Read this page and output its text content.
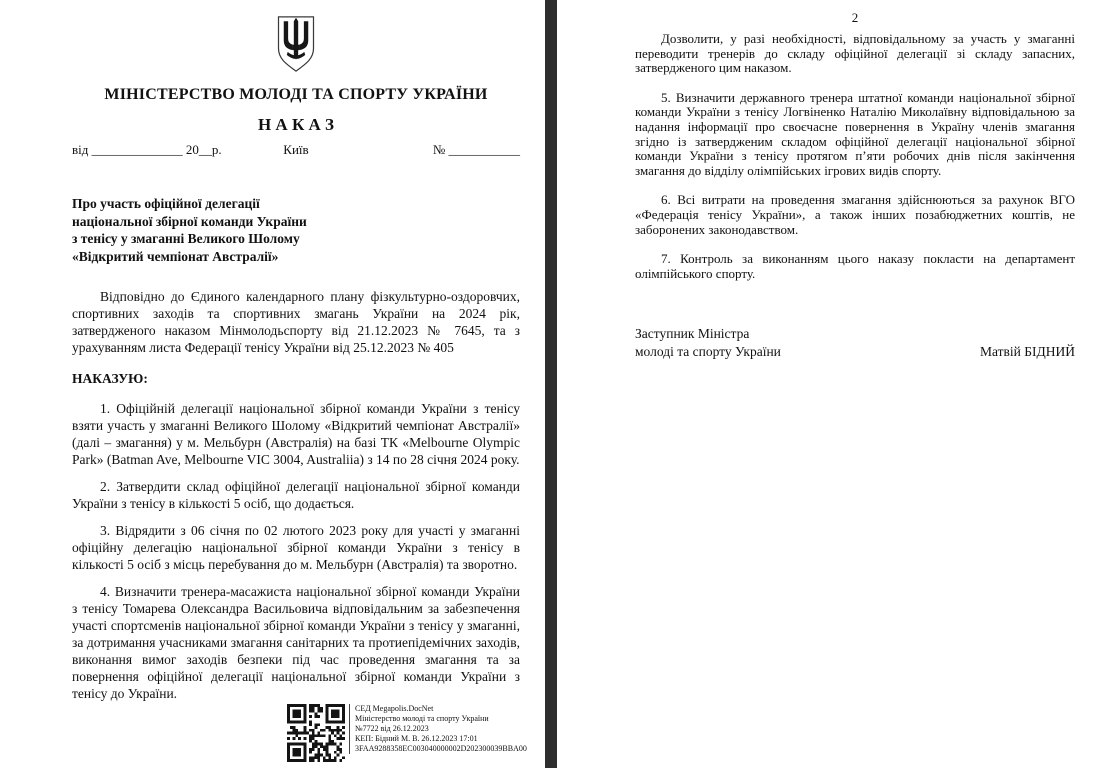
МІНІСТЕРСТВО МОЛОДІ ТА СПОРТУ УКРАЇНИ
Н А К А З
від ______________ 20__р.	Київ	№ ___________
Про участь офіційної делегації
національної збірної команди України
з тенісу у змаганні Великого Шолому
«Відкритий чемпіонат Австралії»

Відповідно до Єдиного календарного плану фізкультурно-оздоровчих, спортивних заходів та спортивних змагань України на 2024 рік, затвердженого наказом Мінмолодьспорту від 21.12.2023 № 7645, та з урахуванням листа Федерації тенісу України від 25.12.2023 № 405

НАКАЗУЮ:

1. Офіційній делегації національної збірної команди України з тенісу взяти участь у змаганні Великого Шолому «Відкритий чемпіонат Австралії» (далі – змагання) у м. Мельбурн (Австралія) на базі ТК «Melbourne Olympic Park» (Batman Ave, Melbourne VIC 3004, Australiia) з 14 по 28 січня 2024 року.

2. Затвердити склад офіційної делегації національної збірної команди України з тенісу в кількості 5 осіб, що додається.

3. Відрядити з 06 січня по 02 лютого 2023 року для участі у змаганні офіційну делегацію національної збірної команди України з тенісу в кількості 5 осіб з місць перебування до м. Мельбурн (Австралія) та зворотно.

4. Визначити тренера-масажиста національної збірної команди України з тенісу Томарева Олександра Васильовича відповідальним за забезпечення участі спортсменів національної збірної команди України з тенісу у змаганні, за дотримання учасниками змагання санітарних та протиепідемічних заходів, виконання вимог заходів безпеки під час проведення змагання та за повернення офіційної делегації національної збірної команди України з тенісу до України.

СЕД Megapolis.DocNet
Міністерство молоді та спорту України
№7722 від 26.12.2023
КЕП: Бідний М. В. 26.12.2023 17:01
3FAA9288358EC003040000002D202300039BBA00
2

Дозволити, у разі необхідності, відповідальному за участь у змаганні переводити тренерів до складу офіційної делегації зі складу запасних, затвердженого цим наказом.

5. Визначити державного тренера штатної команди національної збірної команди України з тенісу Логвіненко Наталію Миколаївну відповідальною за надання інформації про своєчасне повернення в Україну членів змагання згідно із затвердженим складом офіційної делегації національної збірної команди України з тенісу протягом п’яти робочих днів після закінчення змагання до відділу олімпійських ігрових видів спорту.

6. Всі витрати на проведення змагання здійснюються за рахунок ВГО «Федерація тенісу України», а також інших позабюджетних коштів, не заборонених законодавством.

7. Контроль за виконанням цього наказу покласти на департамент олімпійського спорту.

Заступник Міністра
молоді та спорту України	Матвій БІДНИЙ
